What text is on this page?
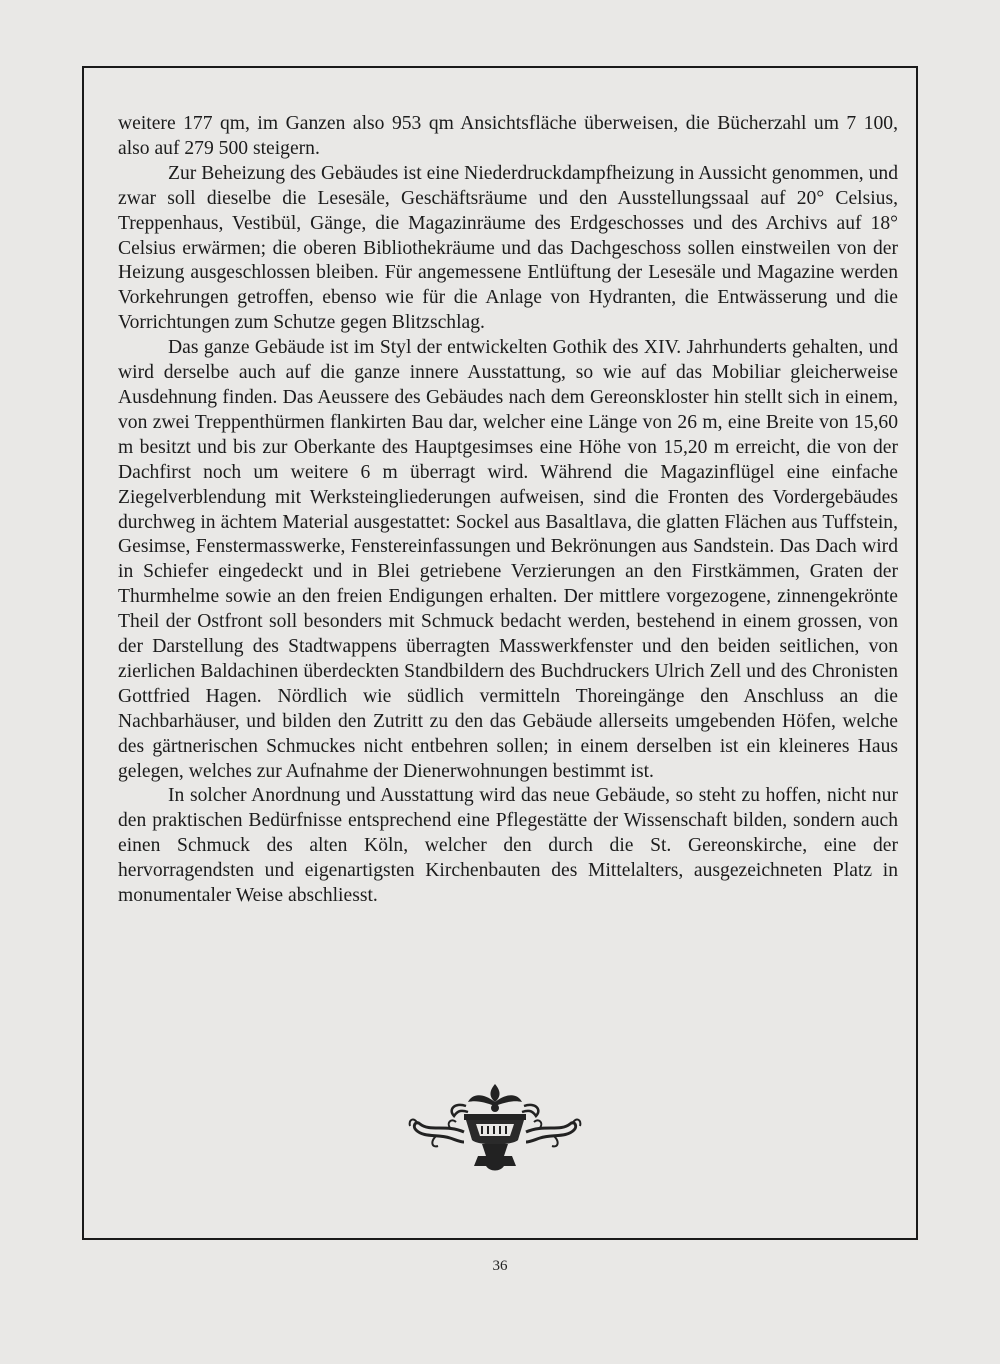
weitere 177 qm, im Ganzen also 953 qm Ansichtsfläche überweisen, die Bücherzahl um 7 100, also auf 279 500 steigern.

Zur Beheizung des Gebäudes ist eine Niederdruckdampfheizung in Aussicht genommen, und zwar soll dieselbe die Lesesäle, Geschäftsräume und den Ausstellungssaal auf 20° Celsius, Treppenhaus, Vestibül, Gänge, die Magazinräume des Erdgeschosses und des Archivs auf 18° Celsius erwärmen; die oberen Bibliothekräume und das Dachgeschoss sollen einstweilen von der Heizung ausgeschlossen bleiben. Für angemessene Entlüftung der Lesesäle und Magazine werden Vorkehrungen getroffen, ebenso wie für die Anlage von Hydranten, die Entwässerung und die Vorrichtungen zum Schutze gegen Blitzschlag.

Das ganze Gebäude ist im Styl der entwickelten Gothik des XIV. Jahrhunderts gehalten, und wird derselbe auch auf die ganze innere Ausstattung, so wie auf das Mobiliar gleicherweise Ausdehnung finden. Das Aeussere des Gebäudes nach dem Gereonskloster hin stellt sich in einem, von zwei Treppenthürmen flankirten Bau dar, welcher eine Länge von 26 m, eine Breite von 15,60 m besitzt und bis zur Oberkante des Hauptgesimses eine Höhe von 15,20 m erreicht, die von der Dachfirst noch um weitere 6 m überragt wird. Während die Magazinflügel eine einfache Ziegelverblendung mit Werksteingliederungen aufweisen, sind die Fronten des Vordergebäudes durchweg in ächtem Material ausgestattet: Sockel aus Basaltlava, die glatten Flächen aus Tuffstein, Gesimse, Fenstermasswerke, Fenstereinfassungen und Bekrönungen aus Sandstein. Das Dach wird in Schiefer eingedeckt und in Blei getriebene Verzierungen an den Firstkämmen, Graten der Thurmhelme sowie an den freien Endigungen erhalten. Der mittlere vorgezogene, zinnengekrönte Theil der Ostfront soll besonders mit Schmuck bedacht werden, bestehend in einem grossen, von der Darstellung des Stadtwappens überragten Masswerkfenster und den beiden seitlichen, von zierlichen Baldachinen überdeckten Standbildern des Buchdruckers Ulrich Zell und des Chronisten Gottfried Hagen. Nördlich wie südlich vermitteln Thoreingänge den Anschluss an die Nachbarhäuser, und bilden den Zutritt zu den das Gebäude allerseits umgebenden Höfen, welche des gärtnerischen Schmuckes nicht entbehren sollen; in einem derselben ist ein kleineres Haus gelegen, welches zur Aufnahme der Dienerwohnungen bestimmt ist.

In solcher Anordnung und Ausstattung wird das neue Gebäude, so steht zu hoffen, nicht nur den praktischen Bedürfnisse entsprechend eine Pflegestätte der Wissenschaft bilden, sondern auch einen Schmuck des alten Köln, welcher den durch die St. Gereonskirche, eine der hervorragendsten und eigenartigsten Kirchenbauten des Mittelalters, ausgezeichneten Platz in monumentaler Weise abschliesst.

36
